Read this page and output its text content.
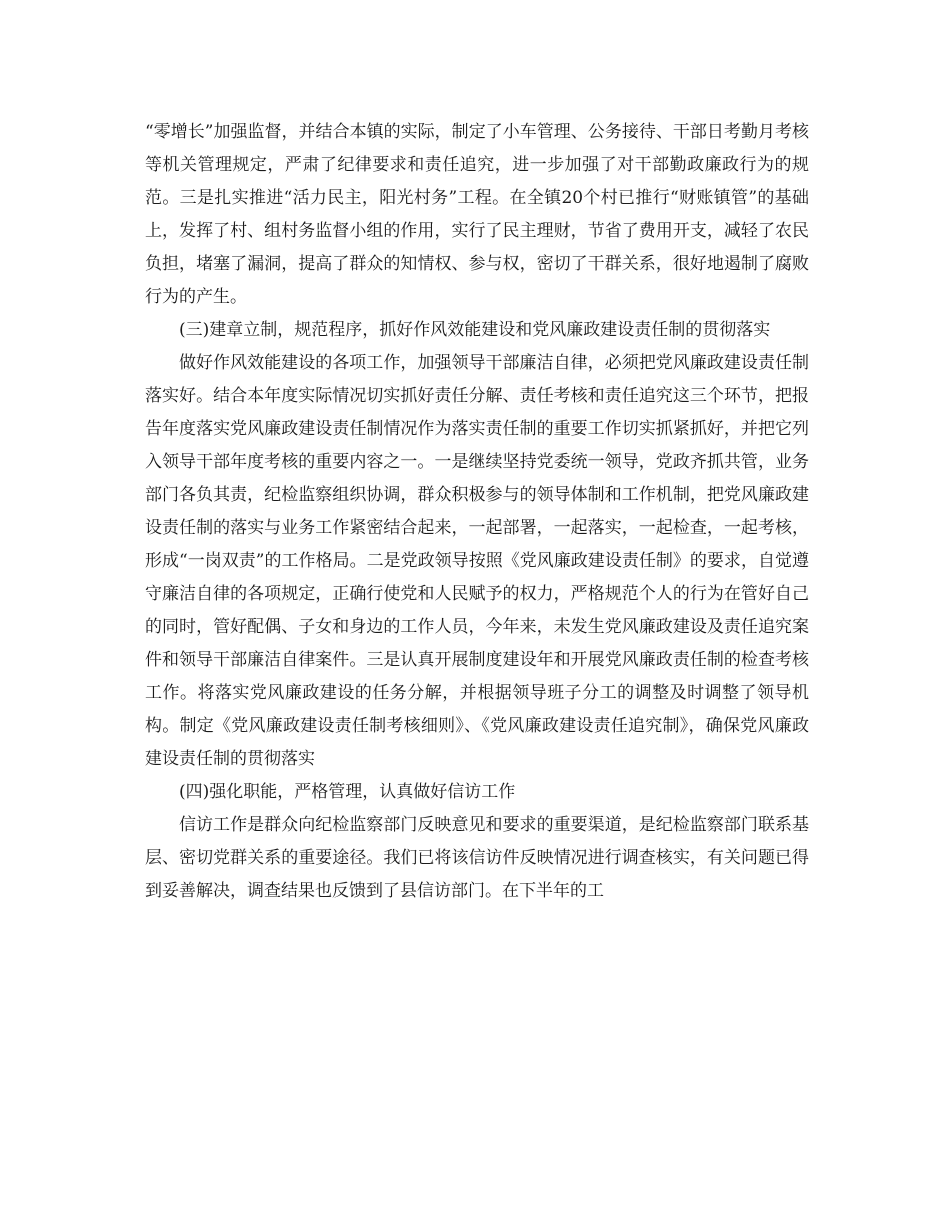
“零增长”加强监督，并结合本镇的实际，制定了小车管理、公务接待、干部日考勤月考核等机关管理规定，严肃了纪律要求和责任追究，进一步加强了对干部勤政廉政行为的规范。三是扎实推进“活力民主，阳光村务”工程。在全镇20个村已推行“财账镇管”的基础上，发挥了村、组村务监督小组的作用，实行了民主理财，节省了费用开支，减轻了农民负担，堵塞了漏洞，提高了群众的知情权、参与权，密切了干群关系，很好地遏制了腐败行为的产生。

(三)建章立制，规范程序，抓好作风效能建设和党风廉政建设责任制的贯彻落实

做好作风效能建设的各项工作，加强领导干部廉洁自律，必须把党风廉政建设责任制落实好。结合本年度实际情况切实抓好责任分解、责任考核和责任追究这三个环节，把报告年度落实党风廉政建设责任制情况作为落实责任制的重要工作切实抓紧抓好，并把它列入领导干部年度考核的重要内容之一。一是继续坚持党委统一领导，党政齐抓共管，业务部门各负其责，纪检监察组织协调，群众积极参与的领导体制和工作机制，把党风廉政建设责任制的落实与业务工作紧密结合起来，一起部署，一起落实，一起检查，一起考核，形成“一岗双责”的工作格局。二是党政领导按照《党风廉政建设责任制》的要求，自觉遵守廉洁自律的各项规定，正确行使党和人民赋予的权力，严格规范个人的行为在管好自己的同时，管好配偶、子女和身边的工作人员，今年来，未发生党风廉政建设及责任追究案件和领导干部廉洁自律案件。三是认真开展制度建设年和开展党风廉政责任制的检查考核工作。将落实党风廉政建设的任务分解，并根据领导班子分工的调整及时调整了领导机构。制定《党风廉政建设责任制考核细则》、《党风廉政建设责任追究制》，确保党风廉政建设责任制的贯彻落实

(四)强化职能，严格管理，认真做好信访工作

信访工作是群众向纪检监察部门反映意见和要求的重要渠道，是纪检监察部门联系基层、密切党群关系的重要途径。我们已将该信访件反映情况进行调查核实，有关问题已得到妥善解决，调查结果也反馈到了县信访部门。在下半年的工
